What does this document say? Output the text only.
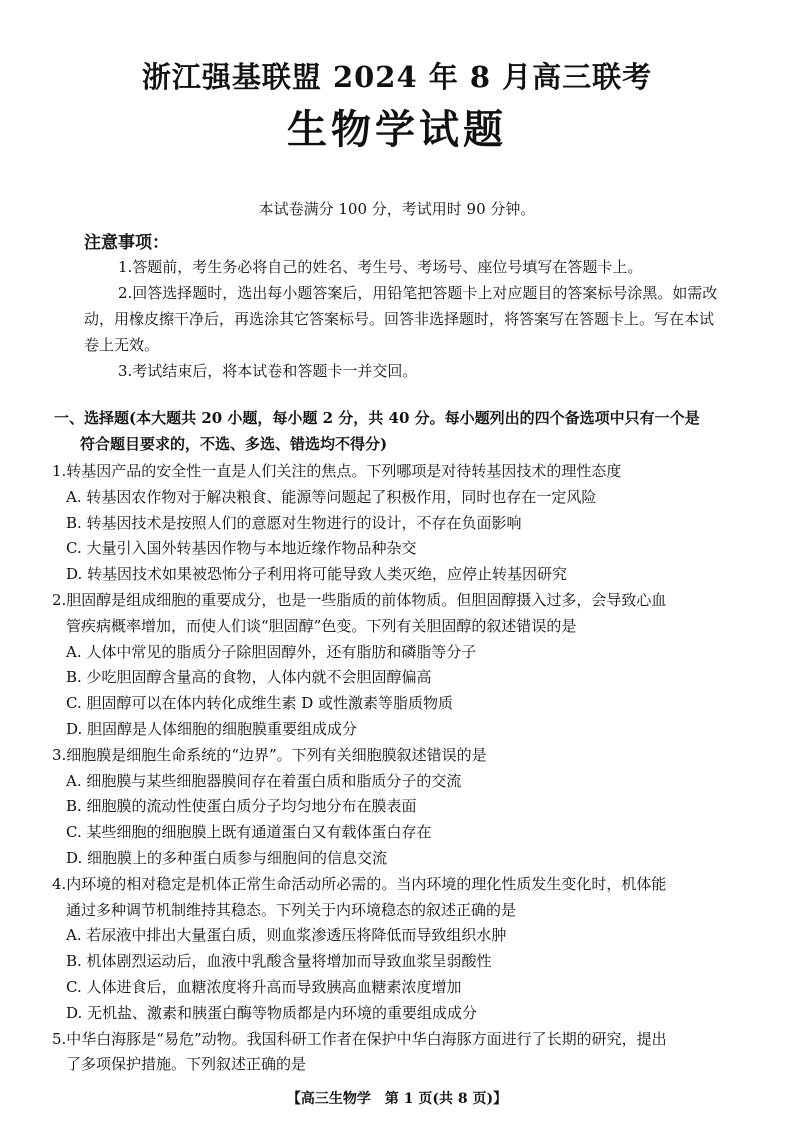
浙江强基联盟 2024 年 8 月高三联考
生物学试题
本试卷满分 100 分，考试用时 90 分钟。
注意事项：

1.答题前，考生务必将自己的姓名、考生号、考场号、座位号填写在答题卡上。

2.回答选择题时，选出每小题答案后，用铅笔把答题卡上对应题目的答案标号涂黑。如需改动，用橡皮擦干净后，再选涂其它答案标号。回答非选择题时，将答案写在答题卡上。写在本试卷上无效。

3.考试结束后，将本试卷和答题卡一并交回。

一、选择题(本大题共 20 小题，每小题 2 分，共 40 分。每小题列出的四个备选项中只有一个是
符合题目要求的，不选、多选、错选均不得分)

1.转基因产品的安全性一直是人们关注的焦点。下列哪项是对待转基因技术的理性态度

A. 转基因农作物对于解决粮食、能源等问题起了积极作用，同时也存在一定风险

B. 转基因技术是按照人们的意愿对生物进行的设计，不存在负面影响

C. 大量引入国外转基因作物与本地近缘作物品种杂交

D. 转基因技术如果被恐怖分子利用将可能导致人类灭绝，应停止转基因研究

2.胆固醇是组成细胞的重要成分，也是一些脂质的前体物质。但胆固醇摄入过多，会导致心血

管疾病概率增加，而使人们谈“胆固醇”色变。下列有关胆固醇的叙述错误的是

A. 人体中常见的脂质分子除胆固醇外，还有脂肪和磷脂等分子

B. 少吃胆固醇含量高的食物，人体内就不会胆固醇偏高

C. 胆固醇可以在体内转化成维生素 D 或性激素等脂质物质

D. 胆固醇是人体细胞的细胞膜重要组成成分

3.细胞膜是细胞生命系统的“边界”。下列有关细胞膜叙述错误的是

A. 细胞膜与某些细胞器膜间存在着蛋白质和脂质分子的交流

B. 细胞膜的流动性使蛋白质分子均匀地分布在膜表面

C. 某些细胞的细胞膜上既有通道蛋白又有载体蛋白存在

D. 细胞膜上的多种蛋白质参与细胞间的信息交流

4.内环境的相对稳定是机体正常生命活动所必需的。当内环境的理化性质发生变化时，机体能

通过多种调节机制维持其稳态。下列关于内环境稳态的叙述正确的是

A. 若尿液中排出大量蛋白质，则血浆渗透压将降低而导致组织水肿

B. 机体剧烈运动后，血液中乳酸含量将增加而导致血浆呈弱酸性

C. 人体进食后，血糖浓度将升高而导致胰高血糖素浓度增加

D. 无机盐、激素和胰蛋白酶等物质都是内环境的重要组成成分

5.中华白海豚是“易危”动物。我国科研工作者在保护中华白海豚方面进行了长期的研究，提出

了多项保护措施。下列叙述正确的是

【高三生物学　第 1 页(共 8 页)】
